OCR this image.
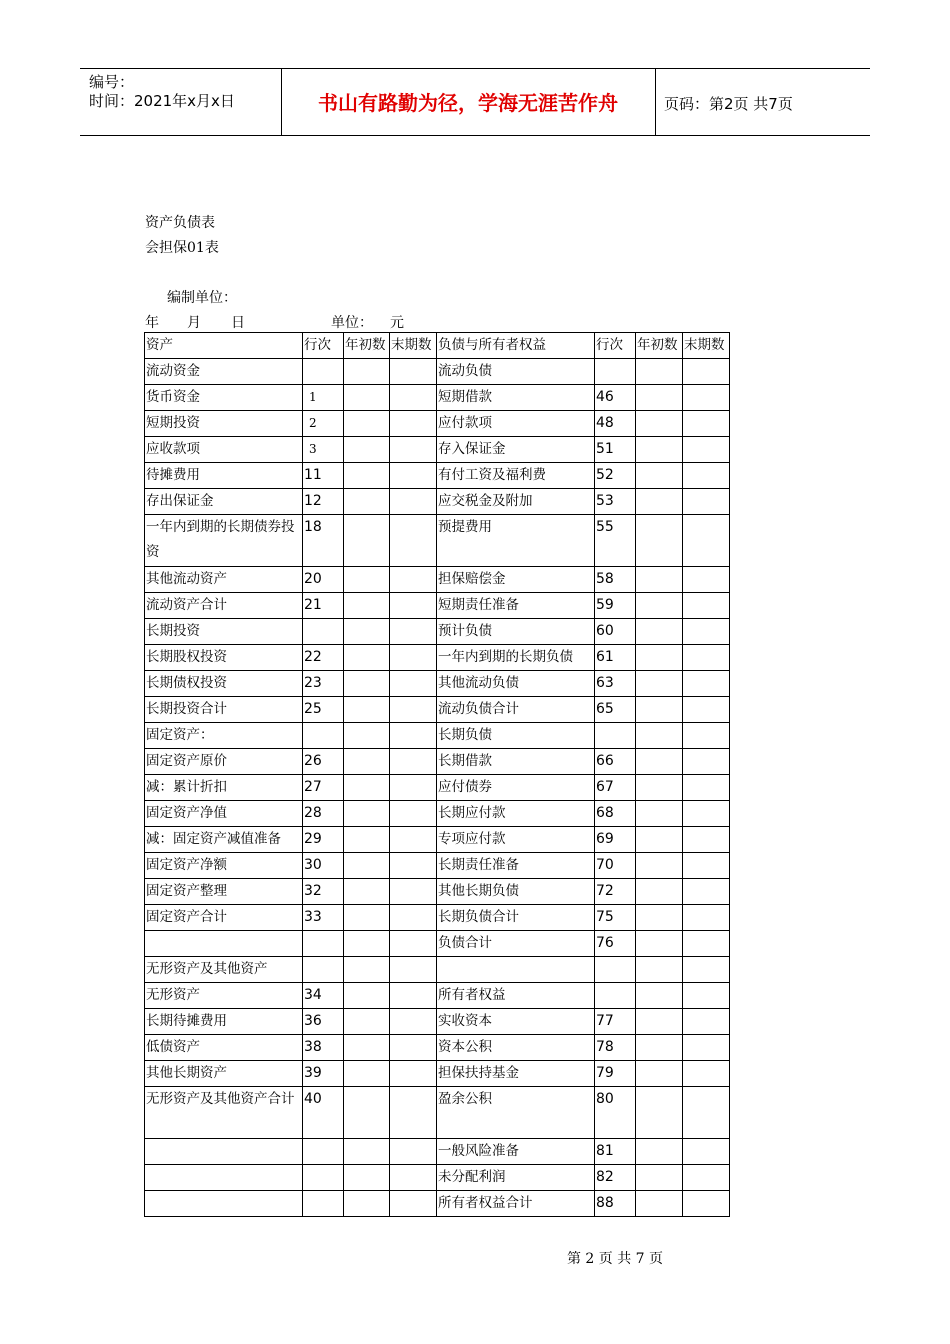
编号：
时间：2021年x月x日	书山有路勤为径，学海无涯苦作舟	页码：第2页 共7页
资产负债表
会担保01表
编制单位：
年 月 日	单位： 元
资产	行次	年初数	末期数	负债与所有者权益	行次	年初数	末期数
流动资金				流动负债			
货币资金	1			短期借款	46		
短期投资	2			应付款项	48		
应收款项	3			存入保证金	51		
待摊费用	11			有付工资及福利费	52		
存出保证金	12			应交税金及附加	53		
一年内到期的长期债券投资	18			预提费用	55		
其他流动资产	20			担保赔偿金	58		
流动资产合计	21			短期责任准备	59		
长期投资				预计负债	60		
长期股权投资	22			一年内到期的长期负债	61		
长期债权投资	23			其他流动负债	63		
长期投资合计	25			流动负债合计	65		
固定资产：				长期负债			
固定资产原价	26			长期借款	66		
减：累计折扣	27			应付债券	67		
固定资产净值	28			长期应付款	68		
减：固定资产减值准备	29			专项应付款	69		
固定资产净额	30			长期责任准备	70		
固定资产整理	32			其他长期负债	72		
固定资产合计	33			长期负债合计	75		
				负债合计	76		
无形资产及其他资产							
无形资产	34			所有者权益			
长期待摊费用	36			实收资本	77		
低债资产	38			资本公积	78		
其他长期资产	39			担保扶持基金	79		
无形资产及其他资产合计	40			盈余公积	80		
				一般风险准备	81		
				未分配利润	82		
				所有者权益合计	88		
第 2 页 共 7 页
